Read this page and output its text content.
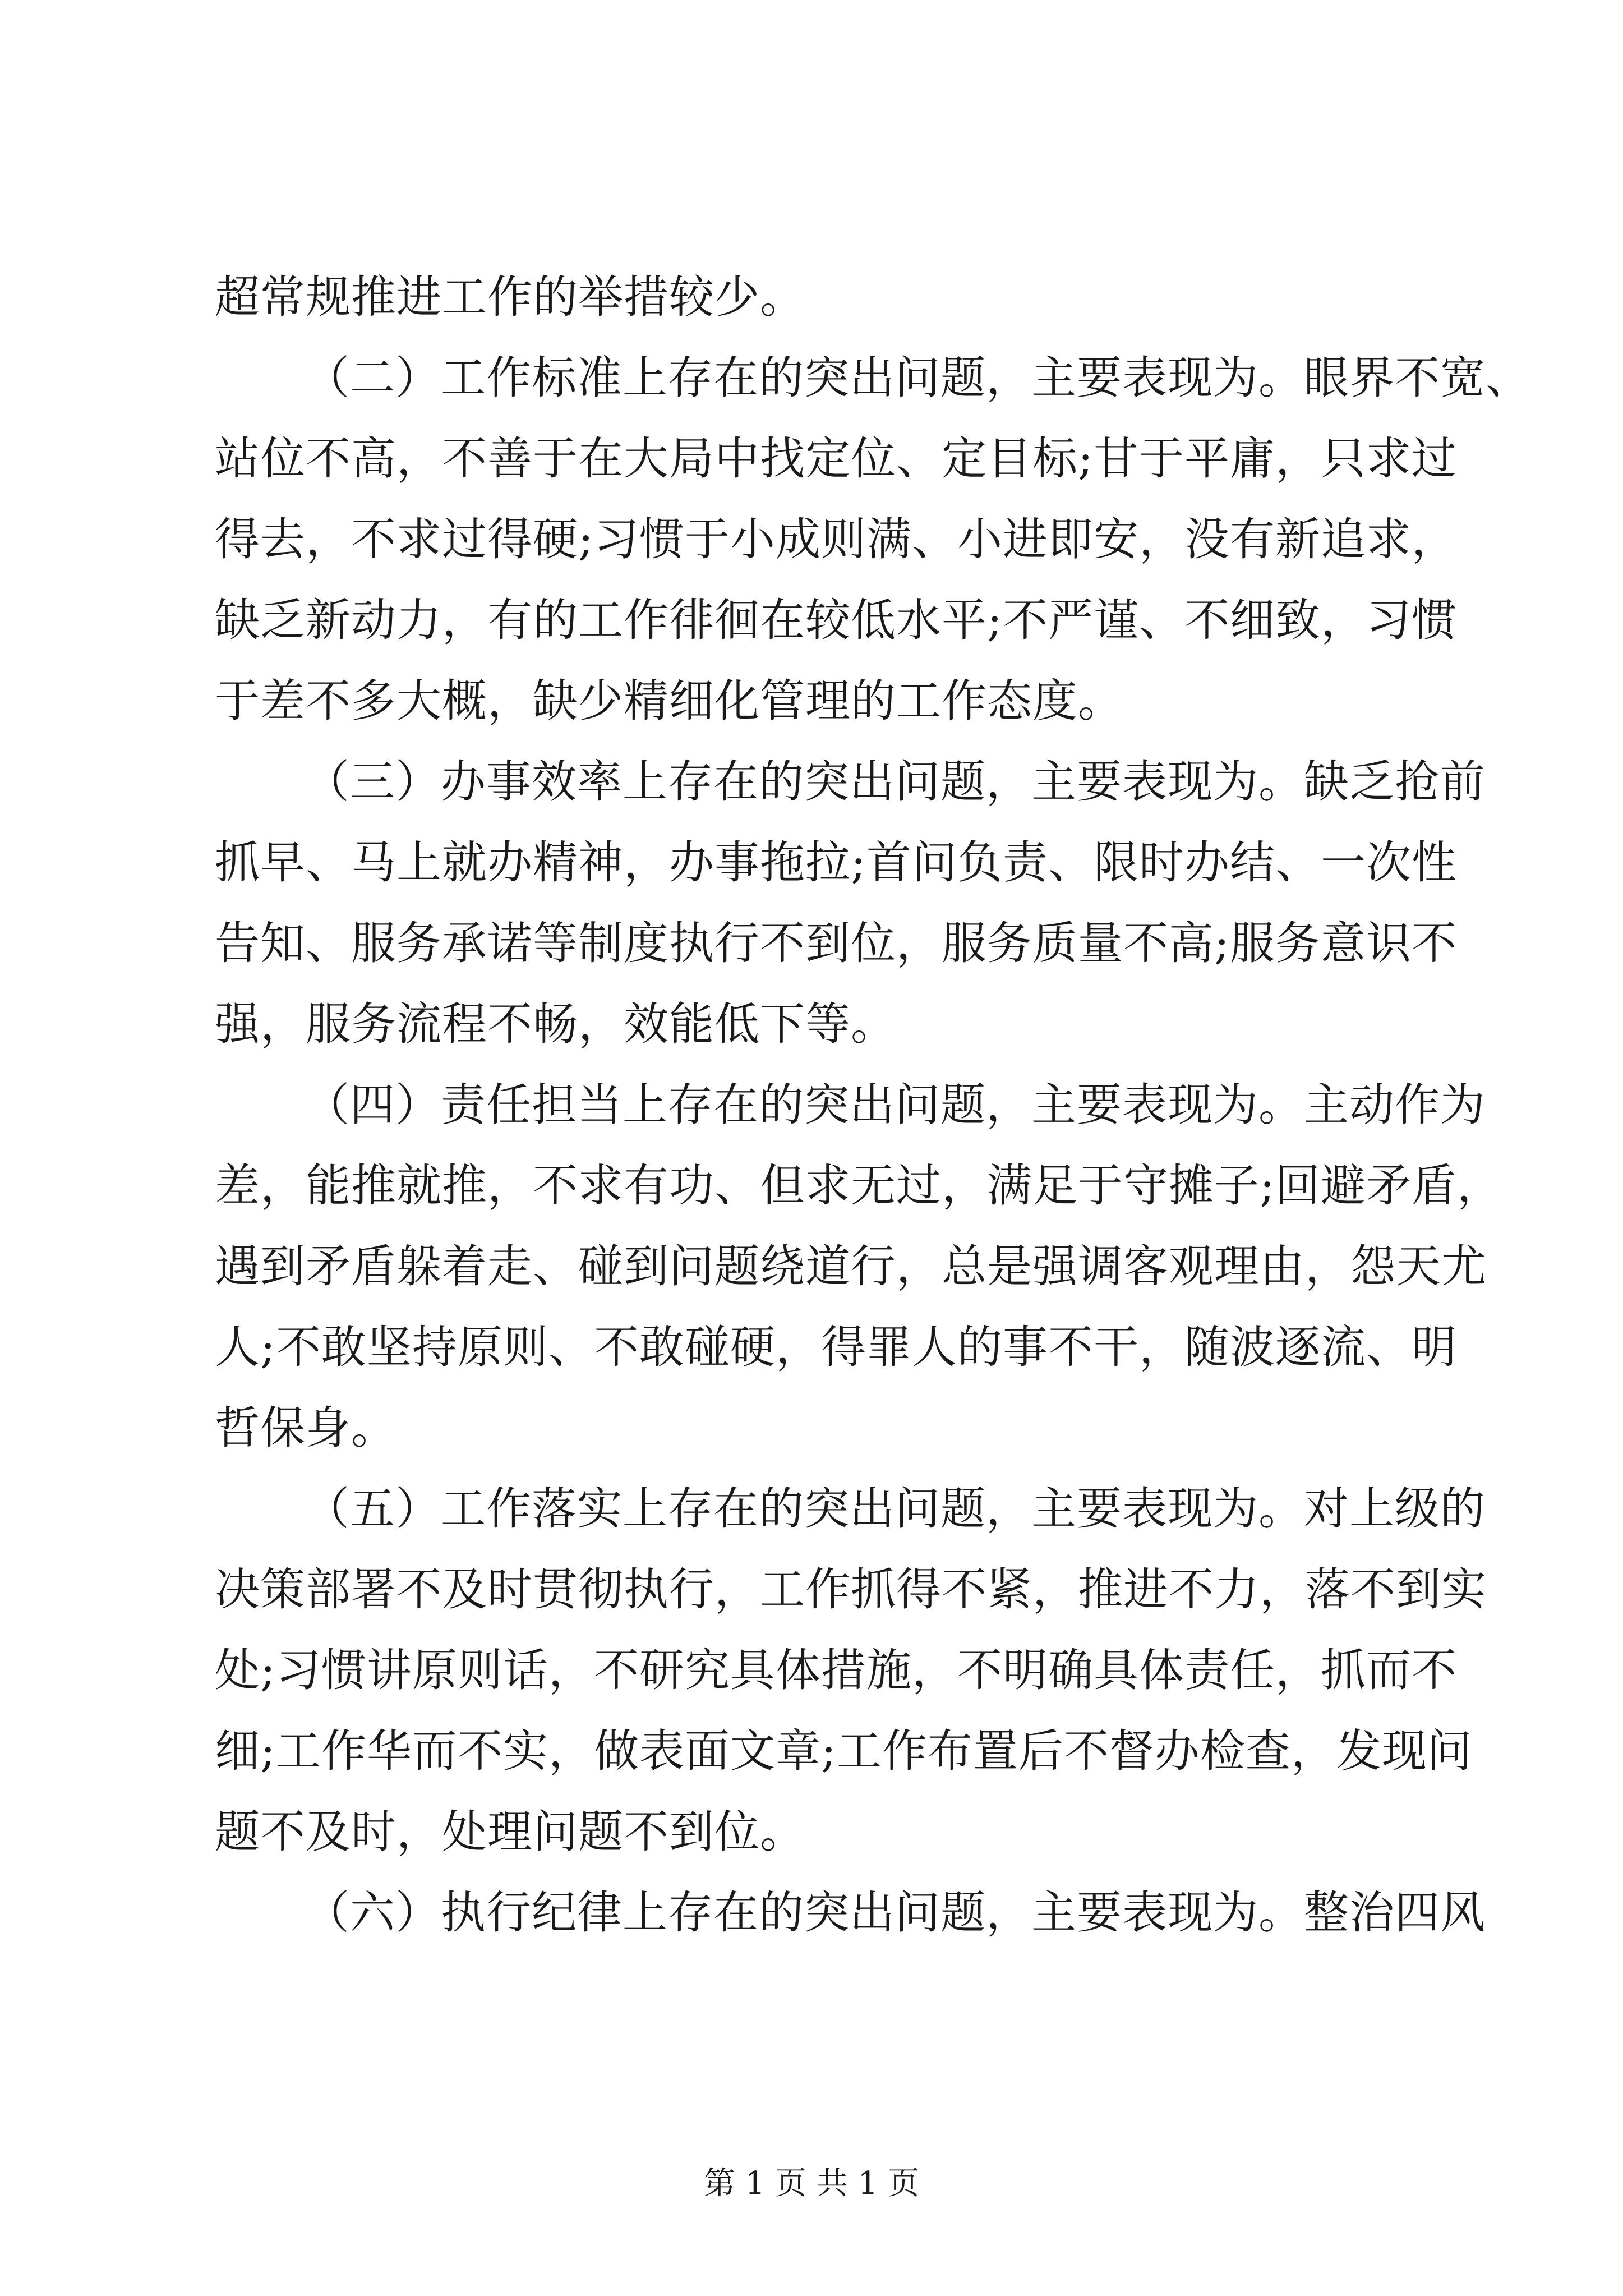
超常规推进工作的举措较少。
（二）工作标准上存在的突出问题，主要表现为。眼界不宽、
站位不高，不善于在大局中找定位、定目标;甘于平庸，只求过
得去，不求过得硬;习惯于小成则满、小进即安，没有新追求，
缺乏新动力，有的工作徘徊在较低水平;不严谨、不细致，习惯
于差不多大概，缺少精细化管理的工作态度。
（三）办事效率上存在的突出问题，主要表现为。缺乏抢前
抓早、马上就办精神，办事拖拉;首问负责、限时办结、一次性
告知、服务承诺等制度执行不到位，服务质量不高;服务意识不
强，服务流程不畅，效能低下等。
（四）责任担当上存在的突出问题，主要表现为。主动作为
差，能推就推，不求有功、但求无过，满足于守摊子;回避矛盾，
遇到矛盾躲着走、碰到问题绕道行，总是强调客观理由，怨天尤
人;不敢坚持原则、不敢碰硬，得罪人的事不干，随波逐流、明
哲保身。
（五）工作落实上存在的突出问题，主要表现为。对上级的
决策部署不及时贯彻执行，工作抓得不紧，推进不力，落不到实
处;习惯讲原则话，不研究具体措施，不明确具体责任，抓而不
细;工作华而不实，做表面文章;工作布置后不督办检查，发现问
题不及时，处理问题不到位。
（六）执行纪律上存在的突出问题，主要表现为。整治四风
第 1 页 共 1 页
